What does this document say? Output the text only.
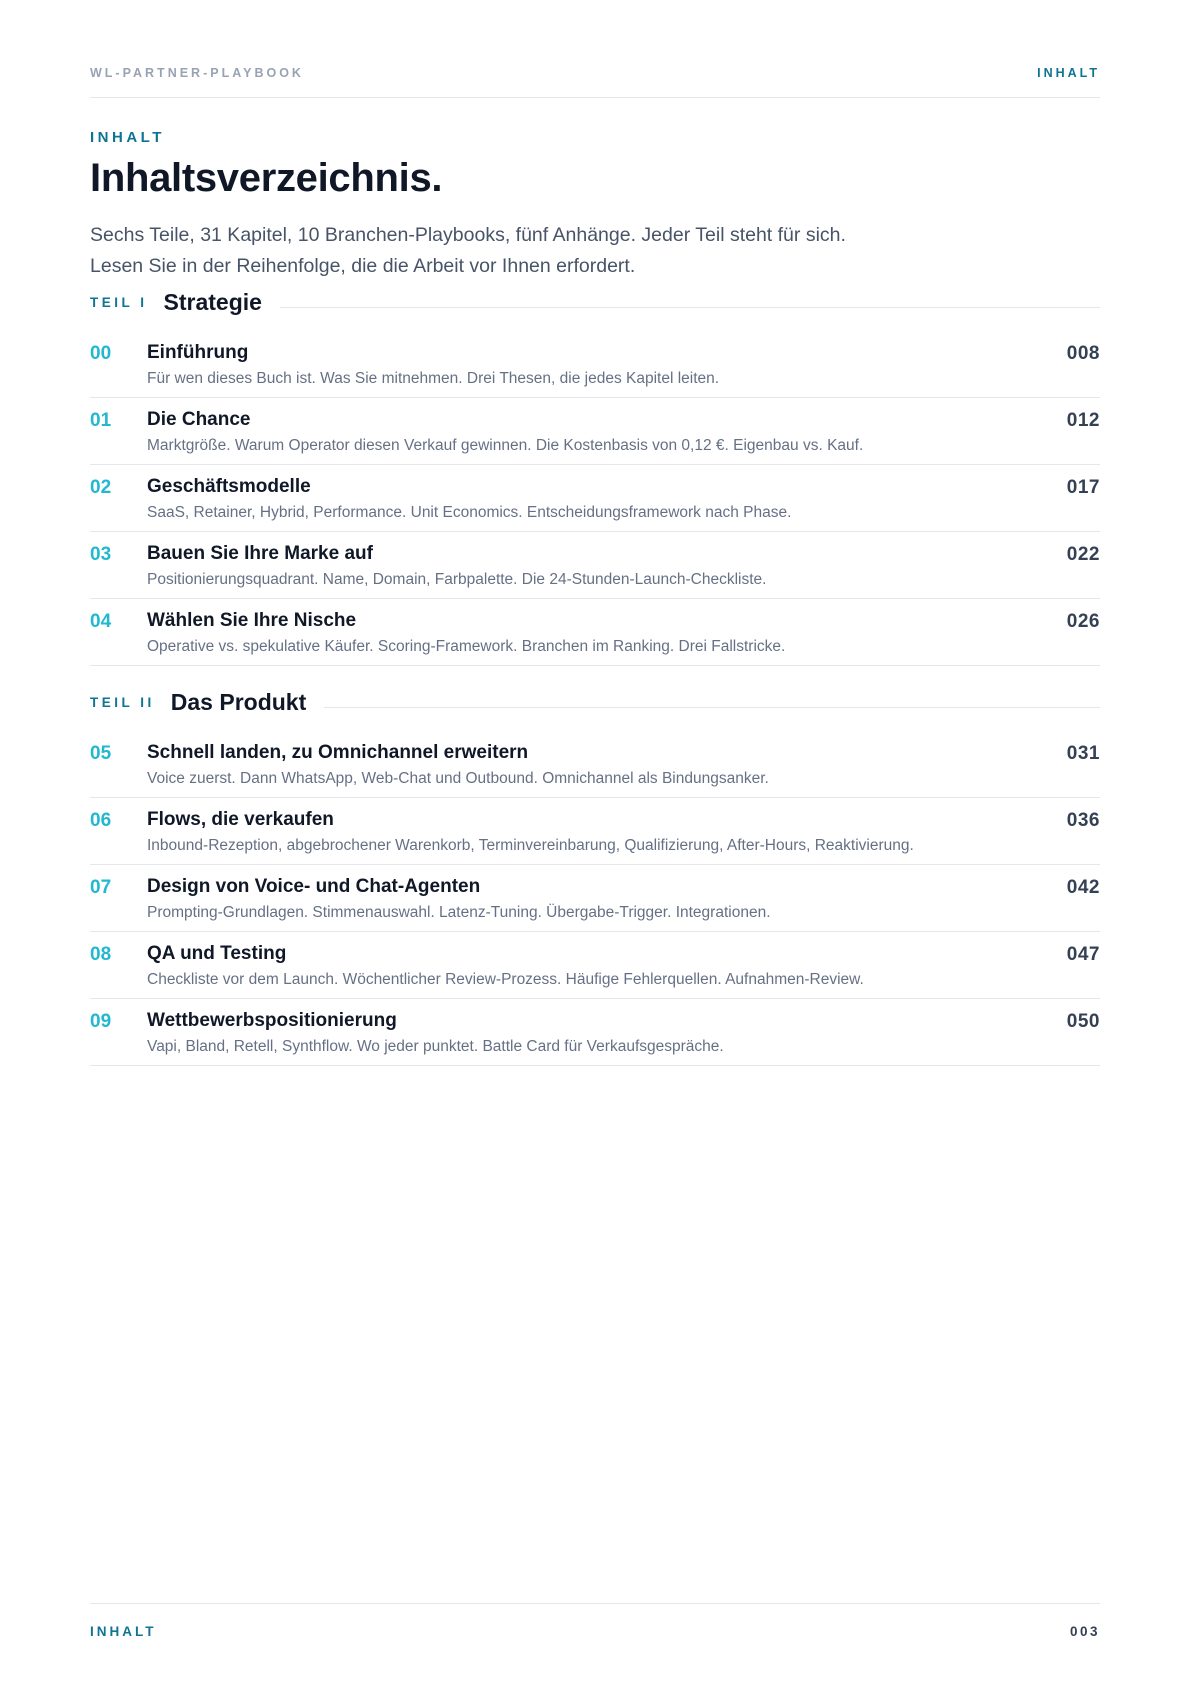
WL-PARTNER-PLAYBOOK	INHALT
INHALT
Inhaltsverzeichnis.

Sechs Teile, 31 Kapitel, 10 Branchen-Playbooks, fünf Anhänge. Jeder Teil steht für sich.
Lesen Sie in der Reihenfolge, die die Arbeit vor Ihnen erfordert.

TEIL I Strategie
00 Einführung
Für wen dieses Buch ist. Was Sie mitnehmen. Drei Thesen, die jedes Kapitel leiten.
008
01 Die Chance
Marktgröße. Warum Operator diesen Verkauf gewinnen. Die Kostenbasis von 0,12 €. Eigenbau vs. Kauf.
012
02 Geschäftsmodelle
SaaS, Retainer, Hybrid, Performance. Unit Economics. Entscheidungsframework nach Phase.
017
03 Bauen Sie Ihre Marke auf
Positionierungsquadrant. Name, Domain, Farbpalette. Die 24-Stunden-Launch-Checkliste.
022
04 Wählen Sie Ihre Nische
Operative vs. spekulative Käufer. Scoring-Framework. Branchen im Ranking. Drei Fallstricke.
026
TEIL II Das Produkt
05 Schnell landen, zu Omnichannel erweitern
Voice zuerst. Dann WhatsApp, Web-Chat und Outbound. Omnichannel als Bindungsanker.
031
06 Flows, die verkaufen
Inbound-Rezeption, abgebrochener Warenkorb, Terminvereinbarung, Qualifizierung, After-Hours, Reaktivierung.
036
07 Design von Voice- und Chat-Agenten
Prompting-Grundlagen. Stimmenauswahl. Latenz-Tuning. Übergabe-Trigger. Integrationen.
042
08 QA und Testing
Checkliste vor dem Launch. Wöchentlicher Review-Prozess. Häufige Fehlerquellen. Aufnahmen-Review.
047
09 Wettbewerbspositionierung
Vapi, Bland, Retell, Synthflow. Wo jeder punktet. Battle Card für Verkaufsgespräche.
050
INHALT	003
